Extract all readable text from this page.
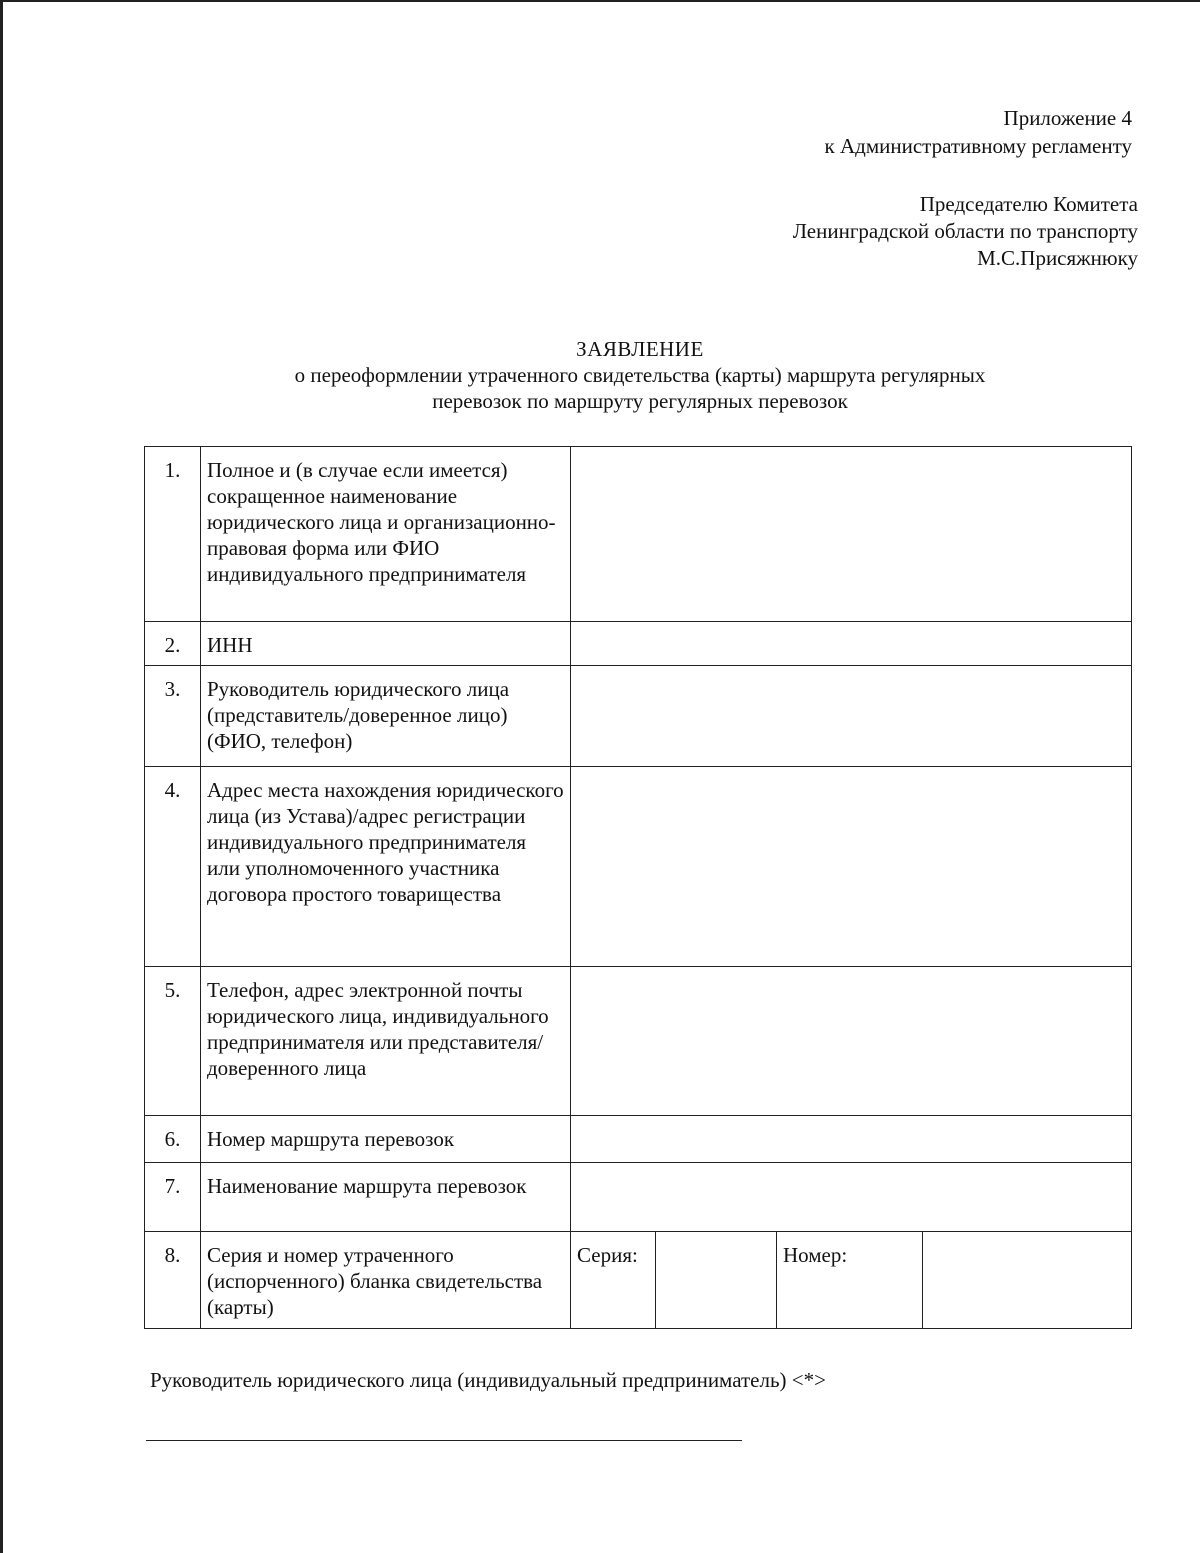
Приложение 4
к Административному регламенту
Председателю Комитета
Ленинградской области по транспорту
М.С.Присяжнюку
ЗАЯВЛЕНИЕ
о переоформлении утраченного свидетельства (карты) маршрута регулярных
перевозок по маршруту регулярных перевозок
1.	Полное и (в случае если имеется) сокращенное наименование юридического лица и организационно-правовая форма или ФИО индивидуального предпринимателя				
2.	ИНН				
3.	Руководитель юридического лица (представитель/доверенное лицо) (ФИО, телефон)				
4.	Адрес места нахождения юридического лица (из Устава)/адрес регистрации индивидуального предпринимателя или уполномоченного участника договора простого товарищества				
5.	Телефон, адрес электронной почты юридического лица, индивидуального предпринимателя или представителя/доверенного лица				
6.	Номер маршрута перевозок				
7.	Наименование маршрута перевозок				
8.	Серия и номер утраченного (испорченного) бланка свидетельства (карты)	Серия:		Номер:	
Руководитель юридического лица (индивидуальный предприниматель) <*>
